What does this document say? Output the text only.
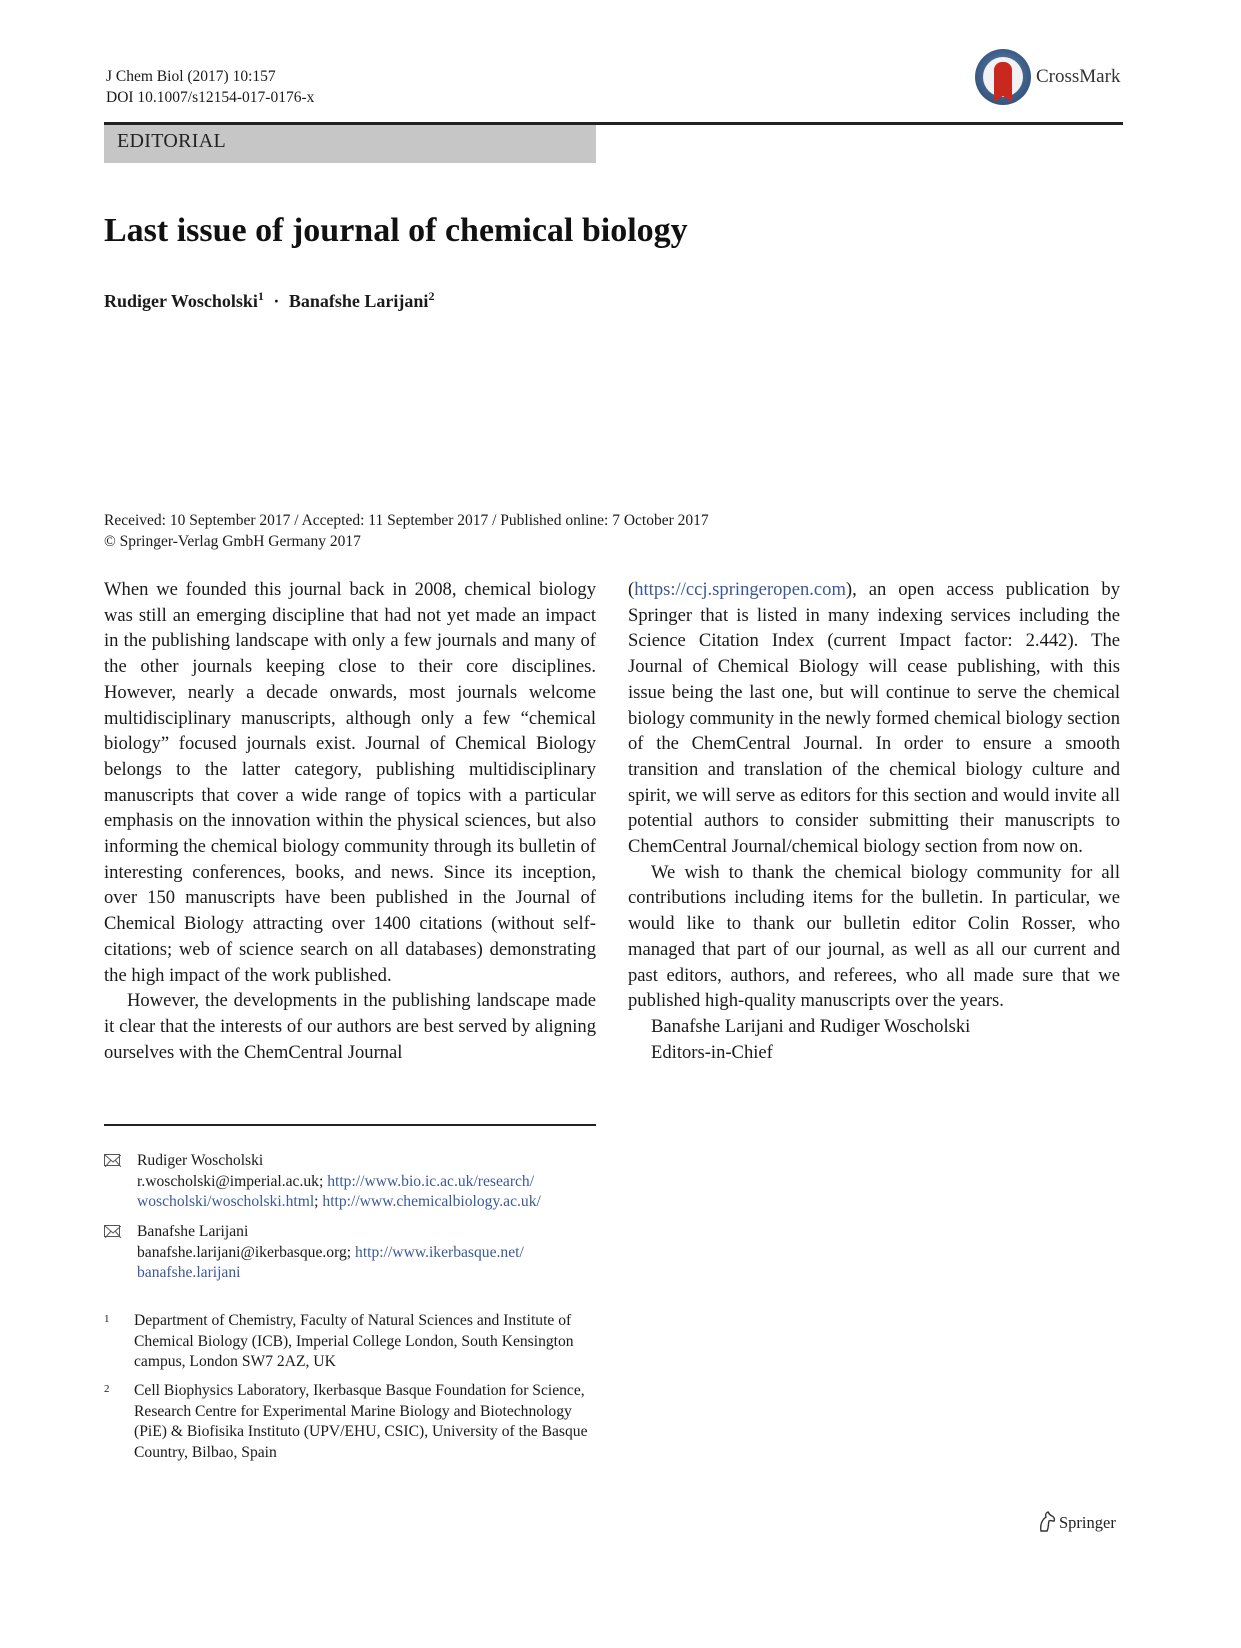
J Chem Biol (2017) 10:157
DOI 10.1007/s12154-017-0176-x
CrossMark
EDITORIAL
Last issue of journal of chemical biology
Rudiger Woscholski$^1$ · Banafshe Larijani$^2$
Received: 10 September 2017 / Accepted: 11 September 2017 / Published online: 7 October 2017
© Springer-Verlag GmbH Germany 2017

When we founded this journal back in 2008, chemical biology was still an emerging discipline that had not yet made an impact in the publishing landscape with only a few journals and many of the other journals keeping close to their core disciplines. However, nearly a decade onwards, most journals welcome multidisciplinary manuscripts, although only a few “chemical biology” focused journals exist. Journal of Chemical Biology belongs to the latter category, publishing multidisciplinary manuscripts that cover a wide range of topics with a particular emphasis on the innovation within the physical sciences, but also informing the chemical biology community through its bulletin of interesting conferences, books, and news. Since its inception, over 150 manuscripts have been published in the Journal of Chemical Biology attracting over 1400 citations (without self-citations; web of science search on all databases) demonstrating the high impact of the work published.

However, the developments in the publishing landscape made it clear that the interests of our authors are best served by aligning ourselves with the ChemCentral Journal

(https://ccj.springeropen.com), an open access publication by Springer that is listed in many indexing services including the Science Citation Index (current Impact factor: 2.442). The Journal of Chemical Biology will cease publishing, with this issue being the last one, but will continue to serve the chemical biology community in the newly formed chemical biology section of the ChemCentral Journal. In order to ensure a smooth transition and translation of the chemical biology culture and spirit, we will serve as editors for this section and would invite all potential authors to consider submitting their manuscripts to ChemCentral Journal/chemical biology section from now on.

We wish to thank the chemical biology community for all contributions including items for the bulletin. In particular, we would like to thank our bulletin editor Colin Rosser, who managed that part of our journal, as well as all our current and past editors, authors, and referees, who all made sure that we published high-quality manuscripts over the years.

Banafshe Larijani and Rudiger Woscholski

Editors-in-Chief

Rudiger Woscholski
r.woscholski@imperial.ac.uk; http://www.bio.ic.ac.uk/research/
woscholski/woscholski.html; http://www.chemicalbiology.ac.uk/
Banafshe Larijani
banafshe.larijani@ikerbasque.org; http://www.ikerbasque.net/
banafshe.larijani
1	Department of Chemistry, Faculty of Natural Sciences and Institute of Chemical Biology (ICB), Imperial College London, South Kensington campus, London SW7 2AZ, UK
2	Cell Biophysics Laboratory, Ikerbasque Basque Foundation for Science, Research Centre for Experimental Marine Biology and Biotechnology (PiE) & Biofisika Instituto (UPV/EHU, CSIC), University of the Basque Country, Bilbao, Spain
Springer
